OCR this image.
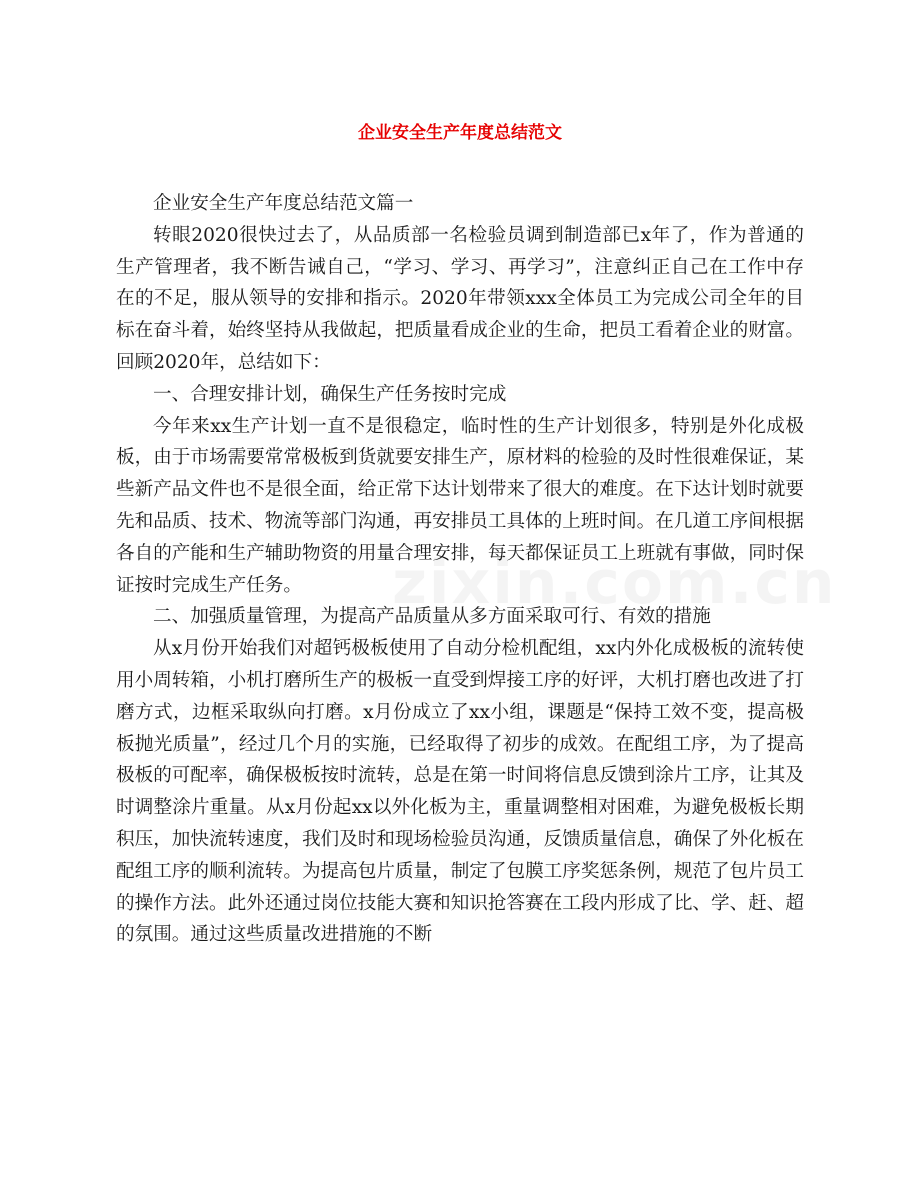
企业安全生产年度总结范文

企业安全生产年度总结范文篇一

转眼2020很快过去了，从品质部一名检验员调到制造部已x年了，作为普通的生产管理者，我不断告诫自己，“学习、学习、再学习”，注意纠正自己在工作中存在的不足，服从领导的安排和指示。2020年带领xxx全体员工为完成公司全年的目标在奋斗着，始终坚持从我做起，把质量看成企业的生命，把员工看着企业的财富。回顾2020年，总结如下：

一、合理安排计划，确保生产任务按时完成

今年来xx生产计划一直不是很稳定，临时性的生产计划很多，特别是外化成极板，由于市场需要常常极板到货就要安排生产，原材料的检验的及时性很难保证，某些新产品文件也不是很全面，给正常下达计划带来了很大的难度。在下达计划时就要先和品质、技术、物流等部门沟通，再安排员工具体的上班时间。在几道工序间根据各自的产能和生产辅助物资的用量合理安排，每天都保证员工上班就有事做，同时保证按时完成生产任务。

二、加强质量管理，为提高产品质量从多方面采取可行、有效的措施

从x月份开始我们对超钙极板使用了自动分检机配组，xx内外化成极板的流转使用小周转箱，小机打磨所生产的极板一直受到焊接工序的好评，大机打磨也改进了打磨方式，边框采取纵向打磨。x月份成立了xx小组，课题是“保持工效不变，提高极板抛光质量”，经过几个月的实施，已经取得了初步的成效。在配组工序，为了提高极板的可配率，确保极板按时流转，总是在第一时间将信息反馈到涂片工序，让其及时调整涂片重量。从x月份起xx以外化板为主，重量调整相对困难，为避免极板长期积压，加快流转速度，我们及时和现场检验员沟通，反馈质量信息，确保了外化板在配组工序的顺利流转。为提高包片质量，制定了包膜工序奖惩条例，规范了包片员工的操作方法。此外还通过岗位技能大赛和知识抢答赛在工段内形成了比、学、赶、超的氛围。通过这些质量改进措施的不断
